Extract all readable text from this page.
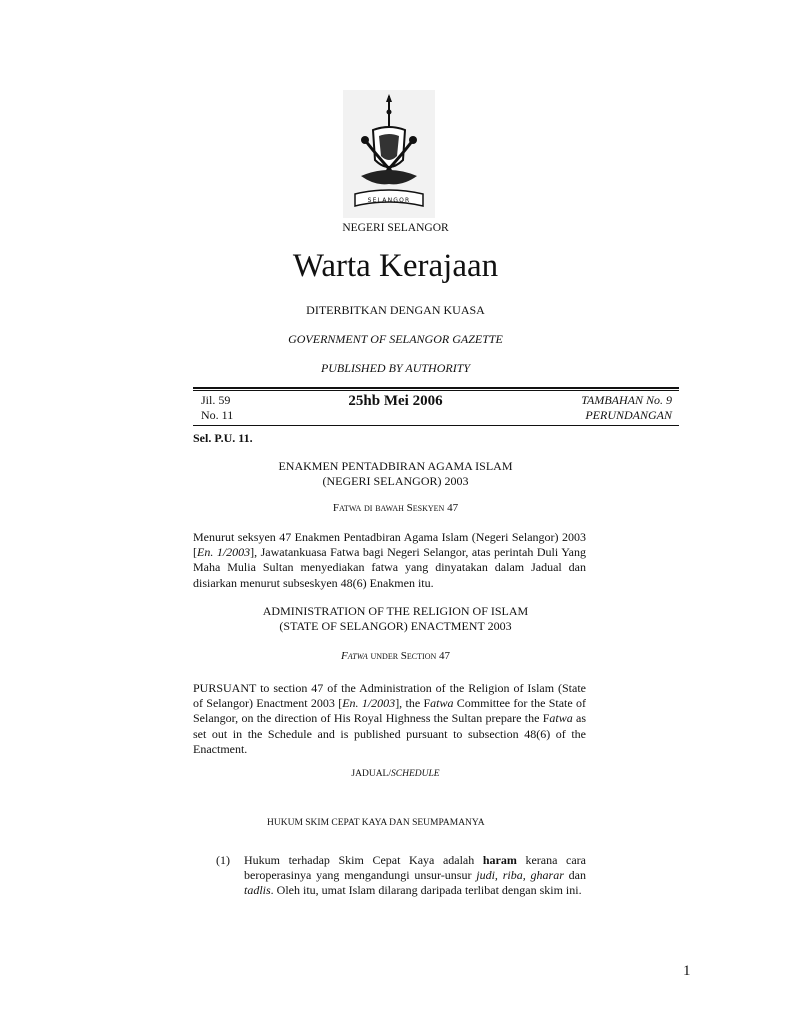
SELANGOR
NEGERI SELANGOR
Warta Kerajaan
DITERBITKAN DENGAN KUASA
GOVERNMENT OF SELANGOR GAZETTE
PUBLISHED BY AUTHORITY
Jil. 59
No. 11
25hb Mei 2006	TAMBAHAN No. 9
PERUNDANGAN
Sel. P.U. 11.
ENAKMEN PENTADBIRAN AGAMA ISLAM
(NEGERI SELANGOR) 2003
Fatwa di bawah Seskyen 47
Menurut seksyen 47 Enakmen Pentadbiran Agama Islam (Negeri Selangor) 2003 [En. 1/2003], Jawatankuasa Fatwa bagi Negeri Selangor, atas perintah Duli Yang Maha Mulia Sultan menyediakan fatwa yang dinyatakan dalam Jadual dan disiarkan menurut subseskyen 48(6) Enakmen itu.
ADMINISTRATION OF THE RELIGION OF ISLAM
(STATE OF SELANGOR) ENACTMENT 2003
Fatwa under Section 47
PURSUANT to section 47 of the Administration of the Religion of Islam (State of Selangor) Enactment 2003 [En. 1/2003], the Fatwa Committee for the State of Selangor, on the direction of His Royal Highness the Sultan prepare the Fatwa as set out in the Schedule and is published pursuant to subsection 48(6) of the Enactment.
JADUAL/SCHEDULE
HUKUM SKIM CEPAT KAYA DAN SEUMPAMANYA
(1) Hukum terhadap Skim Cepat Kaya adalah haram kerana cara beroperasinya yang mengandungi unsur-unsur judi, riba, gharar dan tadlis. Oleh itu, umat Islam dilarang daripada terlibat dengan skim ini.
1
